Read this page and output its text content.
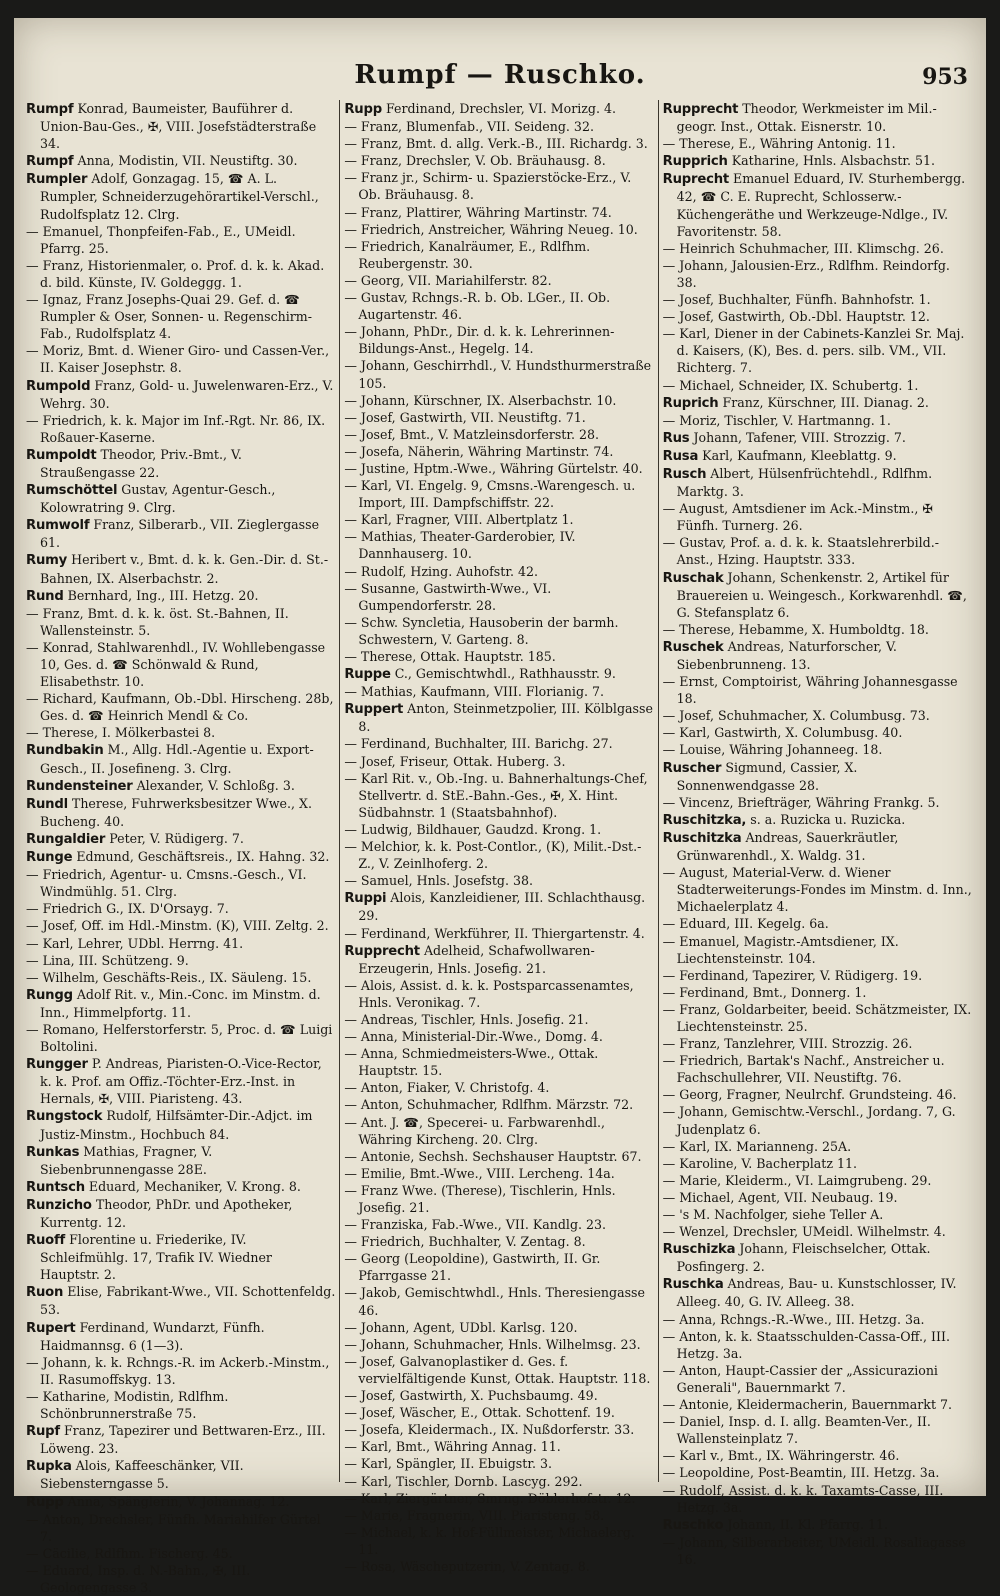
Rumpf — Ruschko.	953
Rumpf Konrad, Baumeister, Bauführer d. Union-Bau-Ges., ✠, VIII. Josefstädterstraße 34.
Rumpf Anna, Modistin, VII. Neustiftg. 30.
Rumpler Adolf, Gonzagag. 15, ☎ A. L. Rumpler, Schneiderzugehörartikel-Verschl., Rudolfsplatz 12. Clrg.
— Emanuel, Thonpfeifen-Fab., E., UMeidl. Pfarrg. 25.
— Franz, Historienmaler, o. Prof. d. k. k. Akad. d. bild. Künste, IV. Goldeggg. 1.
— Ignaz, Franz Josephs-Quai 29. Gef. d. ☎ Rumpler & Oser, Sonnen- u. Regenschirm-Fab., Rudolfsplatz 4.
— Moriz, Bmt. d. Wiener Giro- und Cassen-Ver., II. Kaiser Josephstr. 8.
Rumpold Franz, Gold- u. Juwelenwaren-Erz., V. Wehrg. 30.
— Friedrich, k. k. Major im Inf.-Rgt. Nr. 86, IX. Roßauer-Kaserne.
Rumpoldt Theodor, Priv.-Bmt., V. Straußengasse 22.
Rumschöttel Gustav, Agentur-Gesch., Kolowratring 9. Clrg.
Rumwolf Franz, Silberarb., VII. Zieglergasse 61.
Rumy Heribert v., Bmt. d. k. k. Gen.-Dir. d. St.-Bahnen, IX. Alserbachstr. 2.
Rund Bernhard, Ing., III. Hetzg. 20.
— Franz, Bmt. d. k. k. öst. St.-Bahnen, II. Wallensteinstr. 5.
— Konrad, Stahlwarenhdl., IV. Wohllebengasse 10, Ges. d. ☎ Schönwald & Rund, Elisabethstr. 10.
— Richard, Kaufmann, Ob.-Dbl. Hirscheng. 28b, Ges. d. ☎ Heinrich Mendl & Co.
— Therese, I. Mölkerbastei 8.
Rundbakin M., Allg. Hdl.-Agentie u. Export-Gesch., II. Josefineng. 3. Clrg.
Rundensteiner Alexander, V. Schloßg. 3.
Rundl Therese, Fuhrwerksbesitzer Wwe., X. Bucheng. 40.
Rungaldier Peter, V. Rüdigerg. 7.
Runge Edmund, Geschäftsreis., IX. Hahng. 32.
— Friedrich, Agentur- u. Cmsns.-Gesch., VI. Windmühlg. 51. Clrg.
— Friedrich G., IX. D'Orsayg. 7.
— Josef, Off. im Hdl.-Minstm. (K), VIII. Zeltg. 2.
— Karl, Lehrer, UDbl. Herrng. 41.
— Lina, III. Schützeng. 9.
— Wilhelm, Geschäfts-Reis., IX. Säuleng. 15.
Rungg Adolf Rit. v., Min.-Conc. im Minstm. d. Inn., Himmelpfortg. 11.
— Romano, Helferstorferstr. 5, Proc. d. ☎ Luigi Boltolini.
Rungger P. Andreas, Piaristen-O.-Vice-Rector, k. k. Prof. am Offiz.-Töchter-Erz.-Inst. in Hernals, ✠, VIII. Piaristeng. 43.
Rungstock Rudolf, Hilfsämter-Dir.-Adjct. im Justiz-Minstm., Hochbuch 84.
Runkas Mathias, Fragner, V. Siebenbrunnengasse 28E.
Runtsch Eduard, Mechaniker, V. Krong. 8.
Runzicho Theodor, PhDr. und Apotheker, Kurrentg. 12.
Ruoff Florentine u. Friederike, IV. Schleifmühlg. 17, Trafik IV. Wiedner Hauptstr. 2.
Ruon Elise, Fabrikant-Wwe., VII. Schottenfeldg. 53.
Rupert Ferdinand, Wundarzt, Fünfh. Haidmannsg. 6 (1—3).
— Johann, k. k. Rchngs.-R. im Ackerb.-Minstm., II. Rasumoffskyg. 13.
— Katharine, Modistin, Rdlfhm. Schönbrunnerstraße 75.
Rupf Franz, Tapezirer und Bettwaren-Erz., III. Löweng. 23.
Rupka Alois, Kaffeeschänker, VII. Siebensterngasse 5.
Rupp Anna, Spänglerin, V. Johannag. 12.
— Anton, Drechsler, Fünfh. Mariahilfer Gürtel 7.
— Cäcilie, Rdlfhm. Fischerg. 45.
— Eduard, Insp. d. N.-Bahn., ✠, III. Geologengasse 3.
Rupp Ferdinand, Drechsler, VI. Morizg. 4.
— Franz, Blumenfab., VII. Seideng. 32.
— Franz, Bmt. d. allg. Verk.-B., III. Richardg. 3.
— Franz, Drechsler, V. Ob. Bräuhausg. 8.
— Franz jr., Schirm- u. Spazierstöcke-Erz., V. Ob. Bräuhausg. 8.
— Franz, Plattirer, Währing Martinstr. 74.
— Friedrich, Anstreicher, Währing Neueg. 10.
— Friedrich, Kanalräumer, E., Rdlfhm. Reubergenstr. 30.
— Georg, VII. Mariahilferstr. 82.
— Gustav, Rchngs.-R. b. Ob. LGer., II. Ob. Augartenstr. 46.
— Johann, PhDr., Dir. d. k. k. Lehrerinnen-Bildungs-Anst., Hegelg. 14.
— Johann, Geschirrhdl., V. Hundsthurmerstraße 105.
— Johann, Kürschner, IX. Alserbachstr. 10.
— Josef, Gastwirth, VII. Neustiftg. 71.
— Josef, Bmt., V. Matzleinsdorferstr. 28.
— Josefa, Näherin, Währing Martinstr. 74.
— Justine, Hptm.-Wwe., Währing Gürtelstr. 40.
— Karl, VI. Engelg. 9, Cmsns.-Warengesch. u. Import, III. Dampfschiffstr. 22.
— Karl, Fragner, VIII. Albertplatz 1.
— Mathias, Theater-Garderobier, IV. Dannhauserg. 10.
— Rudolf, Hzing. Auhofstr. 42.
— Susanne, Gastwirth-Wwe., VI. Gumpendorferstr. 28.
— Schw. Syncletia, Hausoberin der barmh. Schwestern, V. Garteng. 8.
— Therese, Ottak. Hauptstr. 185.
Ruppe C., Gemischtwhdl., Rathhausstr. 9.
— Mathias, Kaufmann, VIII. Florianig. 7.
Ruppert Anton, Steinmetzpolier, III. Kölblgasse 8.
— Ferdinand, Buchhalter, III. Barichg. 27.
— Josef, Friseur, Ottak. Huberg. 3.
— Karl Rit. v., Ob.-Ing. u. Bahnerhaltungs-Chef, Stellvertr. d. StE.-Bahn.-Ges., ✠, X. Hint. Südbahnstr. 1 (Staatsbahnhof).
— Ludwig, Bildhauer, Gaudzd. Krong. 1.
— Melchior, k. k. Post-Contlor., (K), Milit.-Dst.-Z., V. Zeinlhoferg. 2.
— Samuel, Hnls. Josefstg. 38.
Ruppi Alois, Kanzleidiener, III. Schlachthausg. 29.
— Ferdinand, Werkführer, II. Thiergartenstr. 4.
Rupprecht Adelheid, Schafwollwaren-Erzeugerin, Hnls. Josefig. 21.
— Alois, Assist. d. k. k. Postsparcassenamtes, Hnls. Veronikag. 7.
— Andreas, Tischler, Hnls. Josefig. 21.
— Anna, Ministerial-Dir.-Wwe., Domg. 4.
— Anna, Schmiedmeisters-Wwe., Ottak. Hauptstr. 15.
— Anton, Fiaker, V. Christofg. 4.
— Anton, Schuhmacher, Rdlfhm. Märzstr. 72.
— Ant. J. ☎, Specerei- u. Farbwarenhdl., Währing Kircheng. 20. Clrg.
— Antonie, Sechsh. Sechshauser Hauptstr. 67.
— Emilie, Bmt.-Wwe., VIII. Lercheng. 14a.
— Franz Wwe. (Therese), Tischlerin, Hnls. Josefig. 21.
— Franziska, Fab.-Wwe., VII. Kandlg. 23.
— Friedrich, Buchhalter, V. Zentag. 8.
— Georg (Leopoldine), Gastwirth, II. Gr. Pfarrgasse 21.
— Jakob, Gemischtwhdl., Hnls. Theresiengasse 46.
— Johann, Agent, UDbl. Karlsg. 120.
— Johann, Schuhmacher, Hnls. Wilhelmsg. 23.
— Josef, Galvanoplastiker d. Ges. f. vervielfältigende Kunst, Ottak. Hauptstr. 118.
— Josef, Gastwirth, X. Puchsbaumg. 49.
— Josef, Wäscher, E., Ottak. Schottenf. 19.
— Josefa, Kleidermach., IX. Nußdorferstr. 33.
— Karl, Bmt., Währing Annag. 11.
— Karl, Spängler, II. Ebuigstr. 3.
— Karl, Tischler, Dornb. Lascyg. 292.
— Karl, Ziergärtner, Smrng. Döblerhofstr. 12.
— Marie, Fragnerin, VIII. Piaristeng. 58.
— Michael, k. k. Hof-Füllmeister, Michaelerg. 11.
— Rosa, Wäscheputzerin, V. Zentag. 8.
Rupprecht Theodor, Werkmeister im Mil.-geogr. Inst., Ottak. Eisnerstr. 10.
— Therese, E., Währing Antonig. 11.
Rupprich Katharine, Hnls. Alsbachstr. 51.
Ruprecht Emanuel Eduard, IV. Sturhembergg. 42, ☎ C. E. Ruprecht, Schlosserw.-Küchengeräthe und Werkzeuge-Ndlge., IV. Favoritenstr. 58.
— Heinrich Schuhmacher, III. Klimschg. 26.
— Johann, Jalousien-Erz., Rdlfhm. Reindorfg. 38.
— Josef, Buchhalter, Fünfh. Bahnhofstr. 1.
— Josef, Gastwirth, Ob.-Dbl. Hauptstr. 12.
— Karl, Diener in der Cabinets-Kanzlei Sr. Maj. d. Kaisers, (K), Bes. d. pers. silb. VM., VII. Richterg. 7.
— Michael, Schneider, IX. Schubertg. 1.
Ruprich Franz, Kürschner, III. Dianag. 2.
— Moriz, Tischler, V. Hartmanng. 1.
Rus Johann, Tafener, VIII. Strozzig. 7.
Rusa Karl, Kaufmann, Kleeblattg. 9.
Rusch Albert, Hülsenfrüchtehdl., Rdlfhm. Marktg. 3.
— August, Amtsdiener im Ack.-Minstm., ✠ Fünfh. Turnerg. 26.
— Gustav, Prof. a. d. k. k. Staatslehrerbild.-Anst., Hzing. Hauptstr. 333.
Ruschak Johann, Schenkenstr. 2, Artikel für Brauereien u. Weingesch., Korkwarenhdl. ☎, G. Stefansplatz 6.
— Therese, Hebamme, X. Humboldtg. 18.
Ruschek Andreas, Naturforscher, V. Siebenbrunneng. 13.
— Ernst, Comptoirist, Währing Johannesgasse 18.
— Josef, Schuhmacher, X. Columbusg. 73.
— Karl, Gastwirth, X. Columbusg. 40.
— Louise, Währing Johanneeg. 18.
Ruscher Sigmund, Cassier, X. Sonnenwendgasse 28.
— Vincenz, Briefträger, Währing Frankg. 5.
Ruschitzka, s. a. Ruzicka u. Ruzicka.
Ruschitzka Andreas, Sauerkräutler, Grünwarenhdl., X. Waldg. 31.
— August, Material-Verw. d. Wiener Stadterweiterungs-Fondes im Minstm. d. Inn., Michaelerplatz 4.
— Eduard, III. Kegelg. 6a.
— Emanuel, Magistr.-Amtsdiener, IX. Liechtensteinstr. 104.
— Ferdinand, Tapezirer, V. Rüdigerg. 19.
— Ferdinand, Bmt., Donnerg. 1.
— Franz, Goldarbeiter, beeid. Schätzmeister, IX. Liechtensteinstr. 25.
— Franz, Tanzlehrer, VIII. Strozzig. 26.
— Friedrich, Bartak's Nachf., Anstreicher u. Fachschullehrer, VII. Neustiftg. 76.
— Georg, Fragner, Neulrchf. Grundsteing. 46.
— Johann, Gemischtw.-Verschl., Jordang. 7, G. Judenplatz 6.
— Karl, IX. Marianneng. 25A.
— Karoline, V. Bacherplatz 11.
— Marie, Kleiderm., VI. Laimgrubeng. 29.
— Michael, Agent, VII. Neubaug. 19.
— 's M. Nachfolger, siehe Teller A.
— Wenzel, Drechsler, UMeidl. Wilhelmstr. 4.
Ruschizka Johann, Fleischselcher, Ottak. Posfingerg. 2.
Ruschka Andreas, Bau- u. Kunstschlosser, IV. Alleeg. 40, G. IV. Alleeg. 38.
— Anna, Rchngs.-R.-Wwe., III. Hetzg. 3a.
— Anton, k. k. Staatsschulden-Cassa-Off., III. Hetzg. 3a.
— Anton, Haupt-Cassier der „Assicurazioni Generali", Bauernmarkt 7.
— Antonie, Kleidermacherin, Bauernmarkt 7.
— Daniel, Insp. d. I. allg. Beamten-Ver., II. Wallensteinplatz 7.
— Karl v., Bmt., IX. Währingerstr. 46.
— Leopoldine, Post-Beamtin, III. Hetzg. 3a.
— Rudolf, Assist. d. k. k. Taxamts-Casse, III. Hetzg. 3a.
Ruschko Johann, II. Kl. Pfarrg. 11.
— Johann, Silberarbeiter, UMeidl. Rosaliagasse 16.
